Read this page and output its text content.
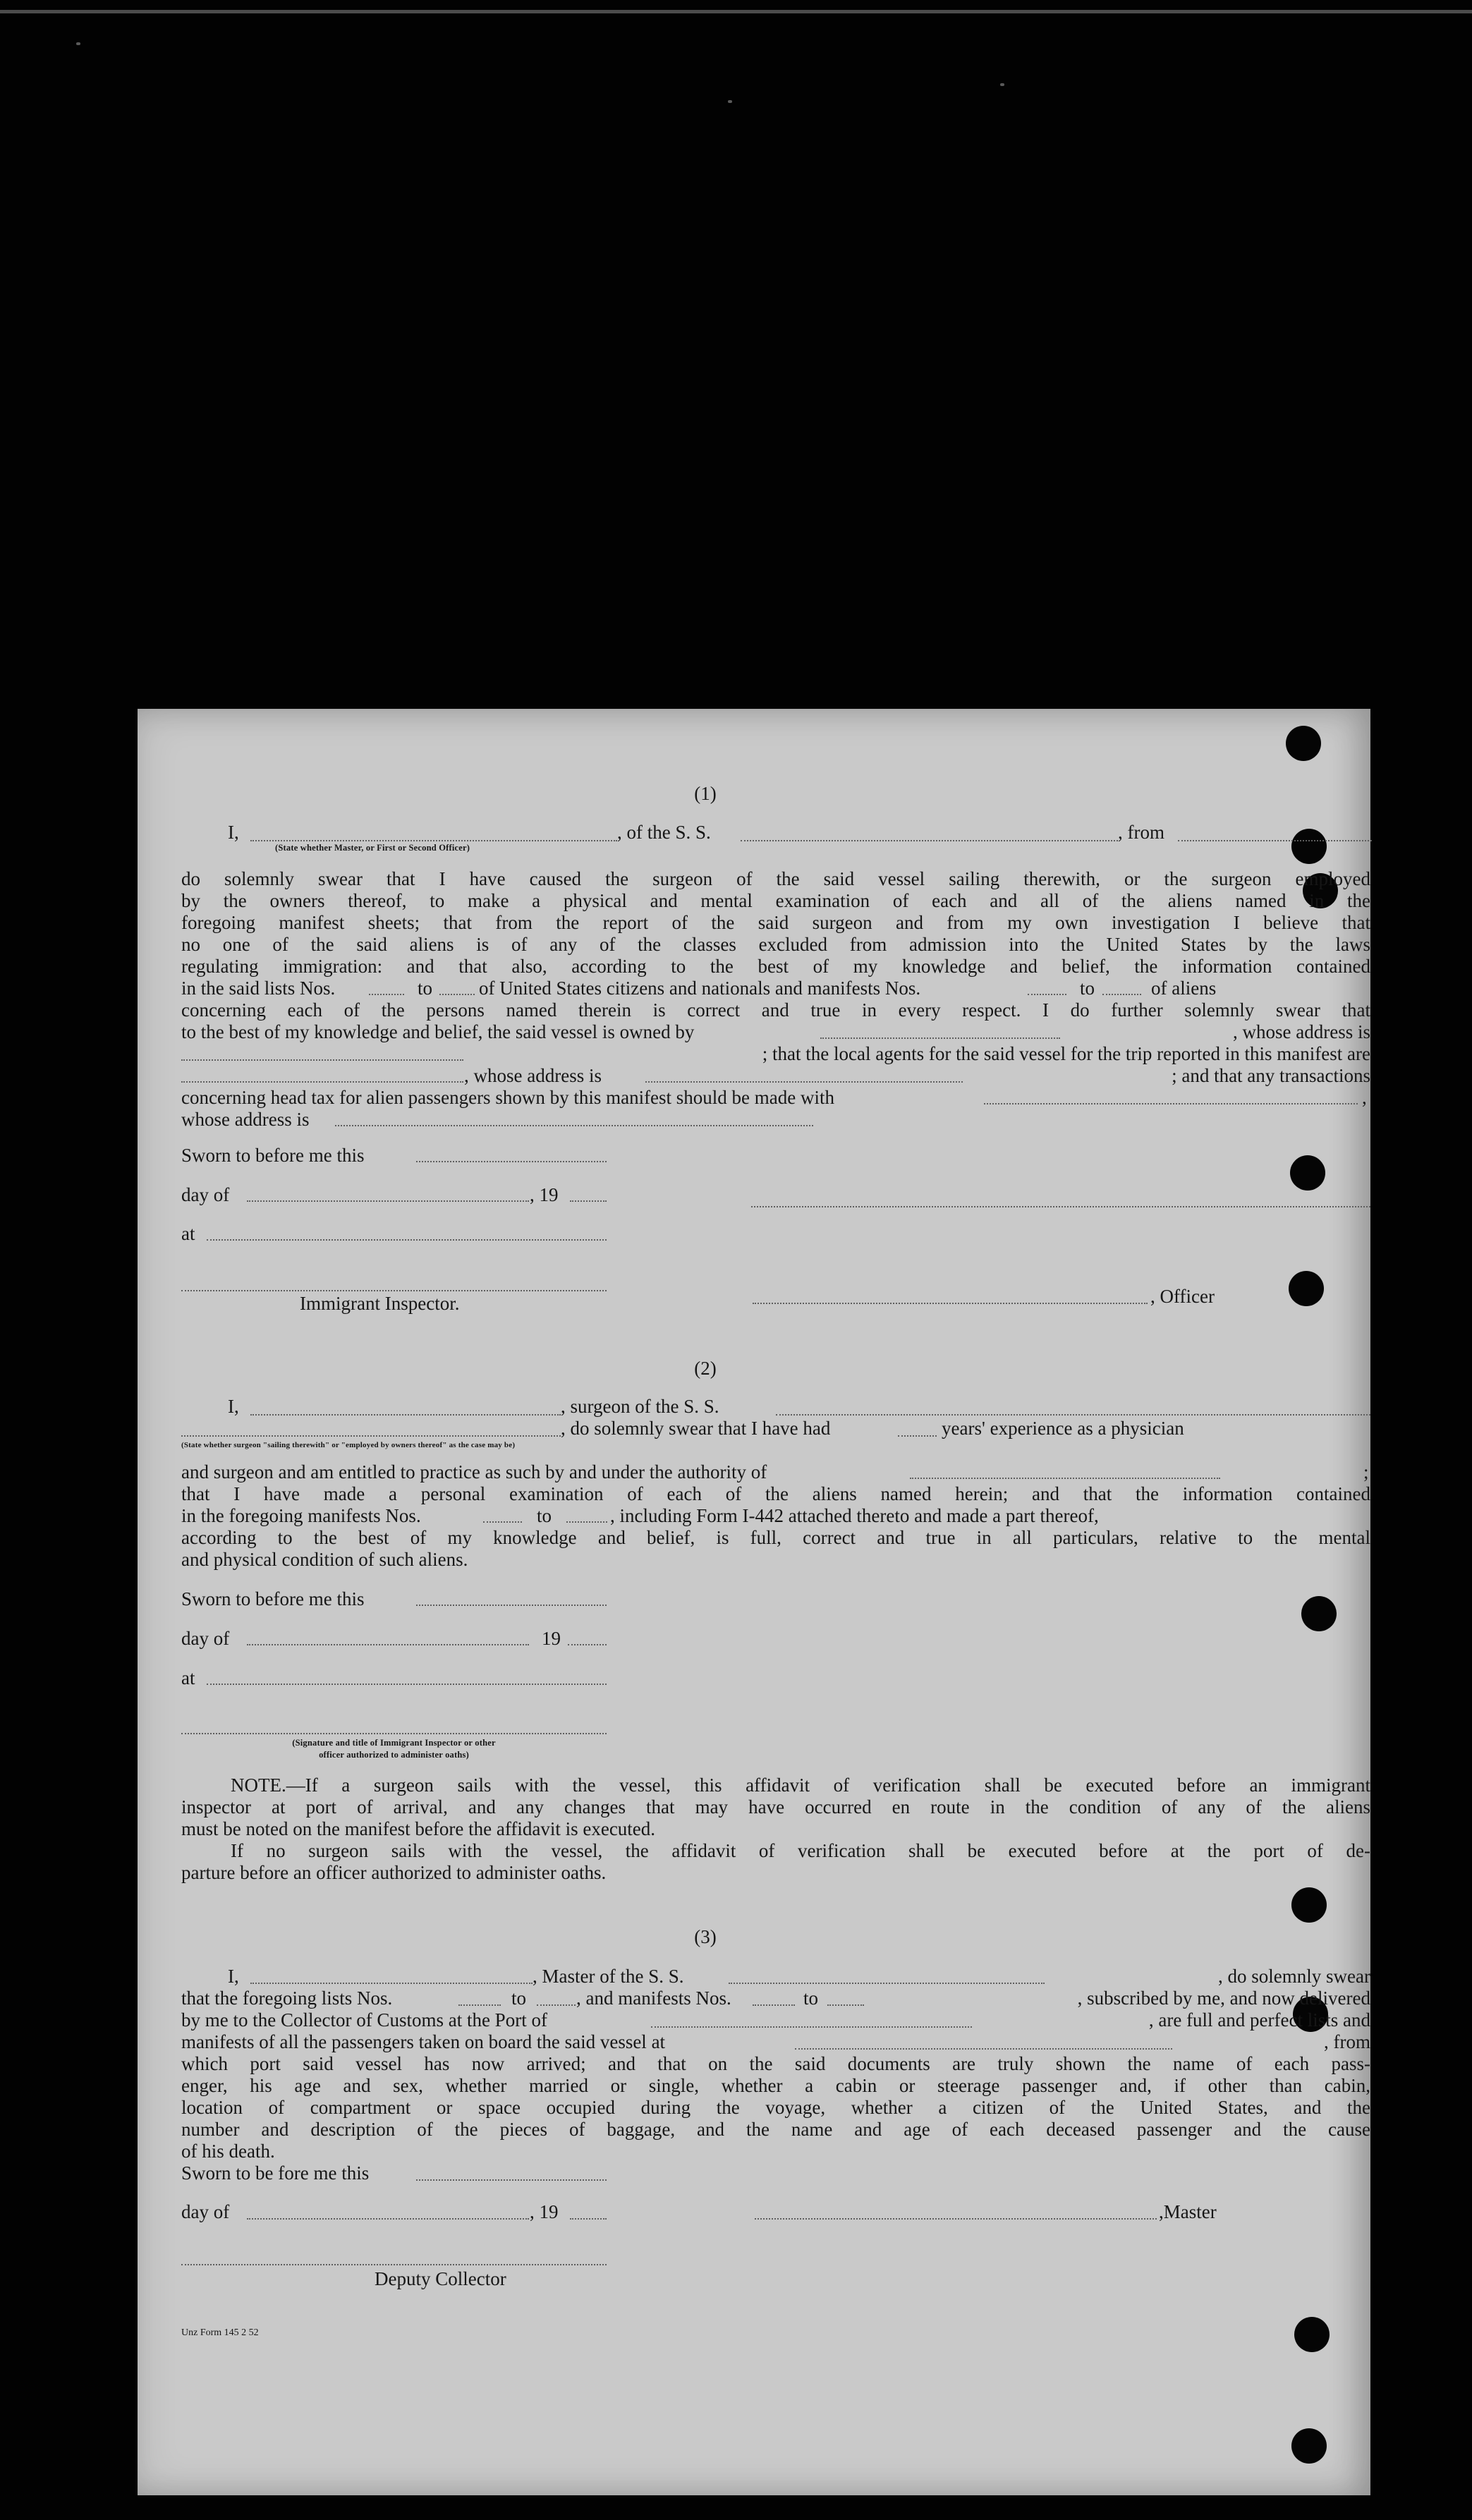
(1)
I,	, of the S. S.	, from
(State whether Master, or First or Second Officer)
do solemnly swear that I have caused the surgeon of the said vessel sailing therewith, or the surgeon employed
by the owners thereof, to make a physical and mental examination of each and all of the aliens named in the
foregoing manifest sheets; that from the report of the said surgeon and from my own investigation I believe that
no one of the said aliens is of any of the classes excluded from admission into the United States by the laws
regulating immigration: and that also, according to the best of my knowledge and belief, the information contained
in the said lists Nos.	to of United States citizens and nationals and manifests Nos.	to	of aliens
concerning each of the persons named therein is correct and true in every respect. I do further solemnly swear that
to the best of my knowledge and belief, the said vessel is owned by	, whose address is
; that the local agents for the said vessel for the trip reported in this manifest are
, whose address is	; and that any transactions
concerning head tax for alien passengers shown by this manifest should be made with	,
whose address is
Sworn to before me this
day of	, 19
at
Immigrant Inspector.	, Officer
(2)
I,	, surgeon of the S. S.
, do solemnly swear that I have had	years' experience as a physician
(State whether surgeon "sailing therewith" or "employed by owners thereof" as the case may be)
and surgeon and am entitled to practice as such by and under the authority of	;
that I have made a personal examination of each of the aliens named herein; and that the information contained
in the foregoing manifests Nos.	to	, including Form I-442 attached thereto and made a part thereof,
according to the best of my knowledge and belief, is full, correct and true in all particulars, relative to the mental
and physical condition of such aliens.
Sworn to before me this
day of	19
at
(Signature and title of Immigrant Inspector or other
officer authorized to administer oaths)
NOTE.—If a surgeon sails with the vessel, this affidavit of verification shall be executed before an immigrant
inspector at port of arrival, and any changes that may have occurred en route in the condition of any of the aliens
must be noted on the manifest before the affidavit is executed.
If no surgeon sails with the vessel, the affidavit of verification shall be executed before at the port of de-
parture before an officer authorized to administer oaths.
(3)
I,	, Master of the S. S.	, do solemnly swear
that the foregoing lists Nos.	to	, and manifests Nos.	to	, subscribed by me, and now delivered
by me to the Collector of Customs at the Port of	, are full and perfect lists and
manifests of all the passengers taken on board the said vessel at	, from
which port said vessel has now arrived; and that on the said documents are truly shown the name of each pass-
enger, his age and sex, whether married or single, whether a cabin or steerage passenger and, if other than cabin,
location of compartment or space occupied during the voyage, whether a citizen of the United States, and the
number and description of the pieces of baggage, and the name and age of each deceased passenger and the cause
of his death.
Sworn to be fore me this
day of	, 19	,Master
Deputy Collector
Unz Form 145 2 52
